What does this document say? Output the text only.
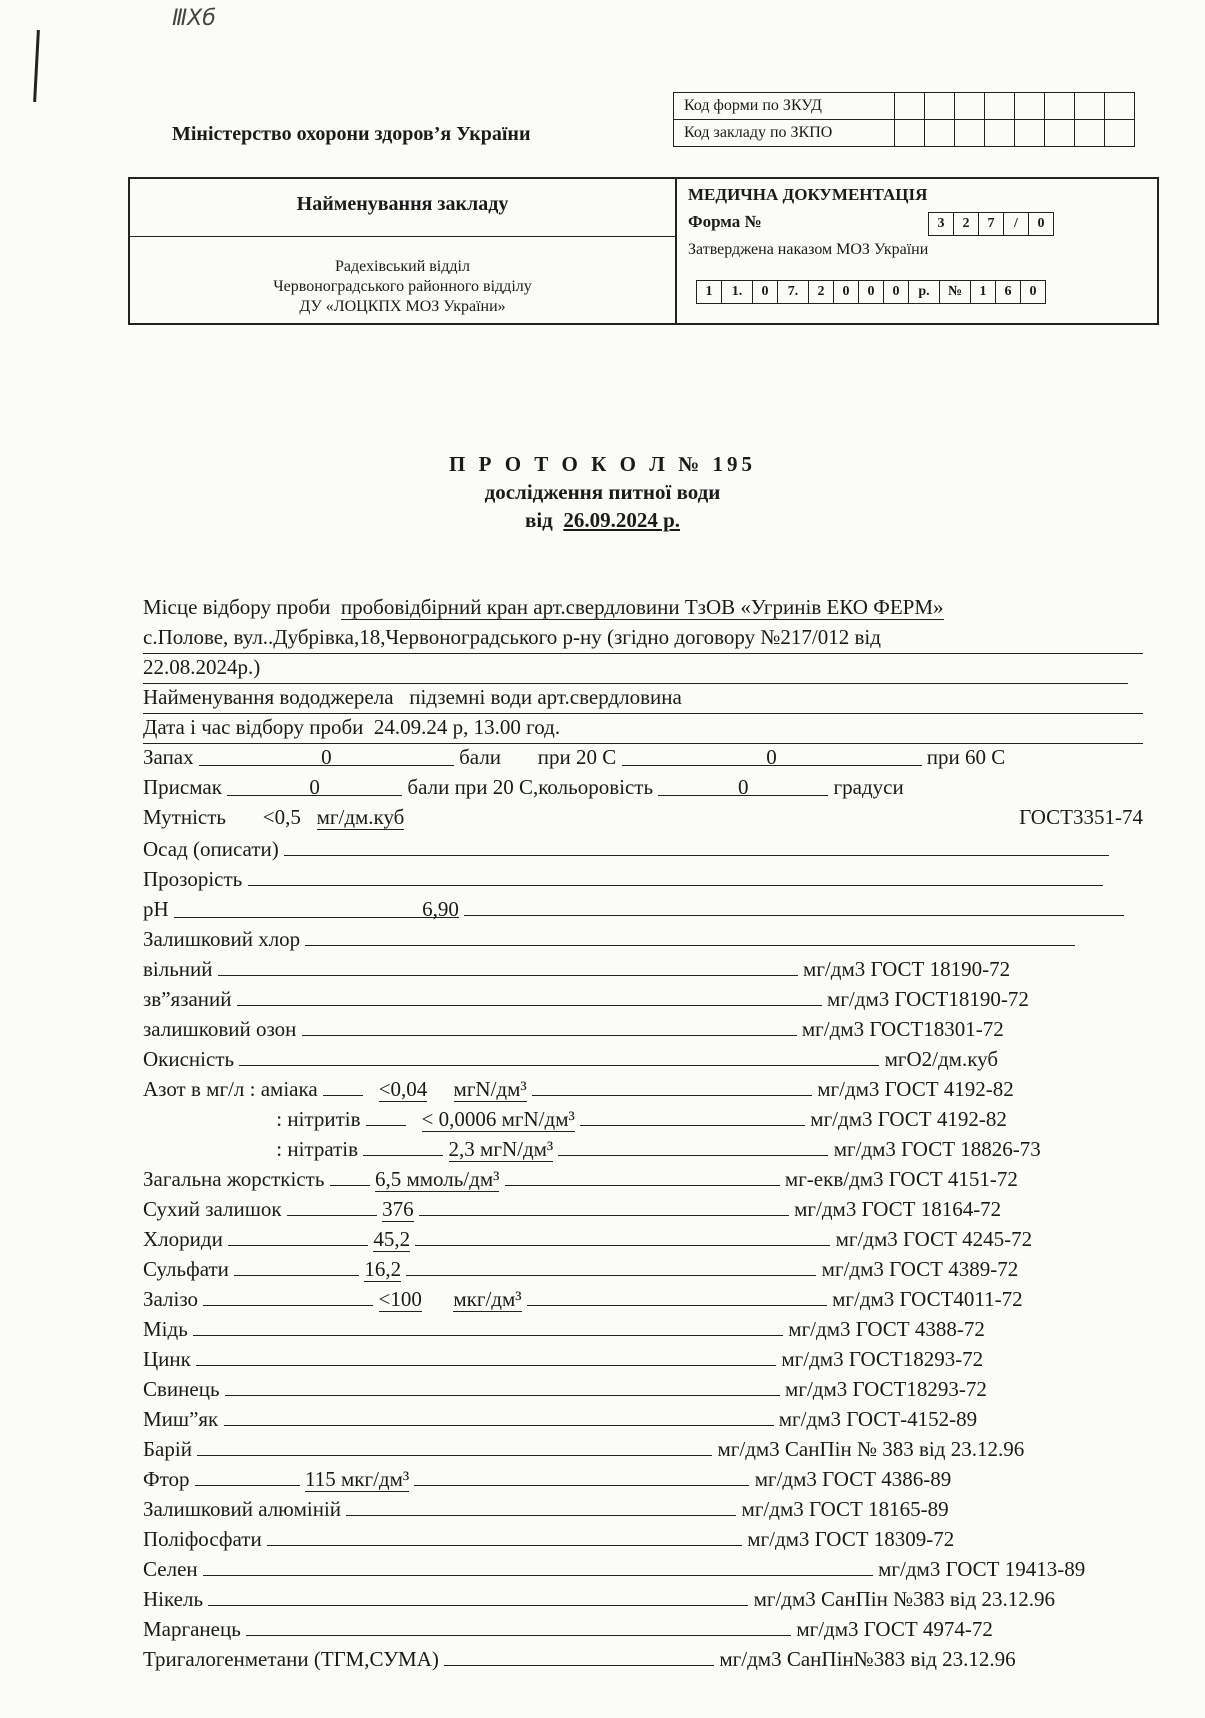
ⅢⅩб
Міністерство охорони здоров’я України
Код форми по ЗКУД								
Код закладу по ЗКПО								
Найменування закладу
Радехівський відділ
Червоноградського районного відділу
ДУ «ЛОЦКПХ МОЗ України»
МЕДИЧНА ДОКУМЕНТАЦІЯ
Форма №	3	2	7	/	0
Затверджена наказом МОЗ України
1	1.	0	7.	2	0	0	0	р.	№	1	6	0
П Р О Т О К О Л № 195
дослідження питної води
від 26.09.2024 р.
Місце відбору проби пробовідбірний кран арт.свердловини ТзОВ «Угринів ЕКО ФЕРМ»
с.Полове, вул..Дубрівка,18,Червоноградського р-ну (згідно договору №217/012 від
22.08.2024р.)
Найменування вододжерела підземні води арт.свердловина
Дата і час відбору проби 24.09.24 р, 13.00 год.
Запах	0	бали при 20 С	0	при 60 С
Присмак	0	бали при 20 С,кольоровість	0	градуси
Мутність <0,5 мг/дм.куб	ГОСТ3351-74
Осад (описати)
Прозорість
pH	6,90
Залишковий хлор
вільний	мг/дм3 ГОСТ 18190-72
зв”язаний	мг/дм3 ГОСТ18190-72
залишковий озон	мг/дм3 ГОСТ18301-72
Окисність	мгО2/дм.куб
Азот в мг/л : аміака	<0,04 мгN/дм³	мг/дм3 ГОСТ 4192-82
: нітритів	< 0,0006 мгN/дм³	мг/дм3 ГОСТ 4192-82
: нітратів	2,3 мгN/дм³	мг/дм3 ГОСТ 18826-73
Загальна жорсткість 6,5 ммоль/дм³	мг-екв/дм3 ГОСТ 4151-72
Сухий залишок	376	мг/дм3 ГОСТ 18164-72
Хлориди	45,2	мг/дм3 ГОСТ 4245-72
Сульфати	16,2	мг/дм3 ГОСТ 4389-72
Залізо	<100 мкг/дм³	мг/дм3 ГОСТ4011-72
Мідь	мг/дм3 ГОСТ 4388-72
Цинк	мг/дм3 ГОСТ18293-72
Свинець	мг/дм3 ГОСТ18293-72
Миш”як	мг/дм3 ГОСТ-4152-89
Барій	мг/дм3 СанПін № 383 від 23.12.96
Фтор	115 мкг/дм³	мг/дм3 ГОСТ 4386-89
Залишковий алюміній	мг/дм3 ГОСТ 18165-89
Поліфосфати	мг/дм3 ГОСТ 18309-72
Селен	мг/дм3 ГОСТ 19413-89
Нікель	мг/дм3 СанПін №383 від 23.12.96
Марганець	мг/дм3 ГОСТ 4974-72
Тригалогенметани (ТГМ,СУМА)	мг/дм3 СанПін№383 від 23.12.96
